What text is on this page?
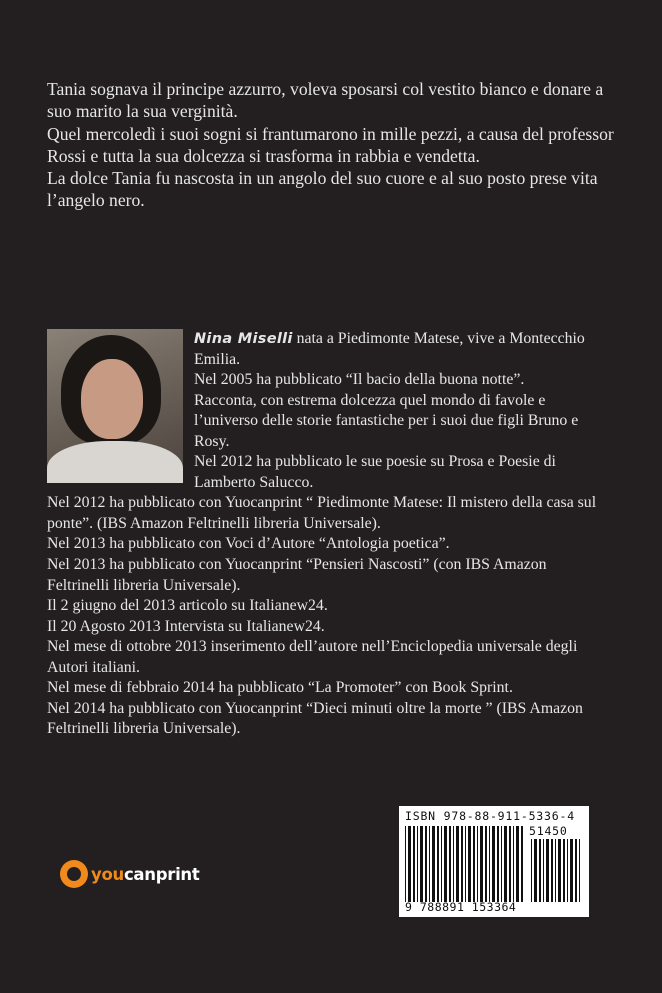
Tania sognava il principe azzurro, voleva sposarsi col vestito bianco e donare a suo marito la sua verginità.

Quel mercoledì i suoi sogni si frantumarono in mille pezzi, a causa del professor Rossi e tutta la sua dolcezza si trasforma in rabbia e vendetta.

La dolce Tania fu nascosta in un angolo del suo cuore e al suo posto prese vita l’angelo nero.

Nina Miselli nata a Piedimonte Matese, vive a Montecchio Emilia.

Nel 2005 ha pubblicato “Il bacio della buona notte”.

Racconta, con estrema dolcezza quel mondo di favole e l’universo delle storie fantastiche per i suoi due figli Bruno e Rosy.

Nel 2012 ha pubblicato le sue poesie su Prosa e Poesie di Lamberto Salucco.

Nel 2012 ha pubblicato con Yuocanprint “ Piedimonte Matese: Il mistero della casa sul ponte”. (IBS Amazon Feltrinelli libreria Universale).

Nel 2013 ha pubblicato con Voci d’Autore “Antologia poetica”.

Nel 2013 ha pubblicato con Yuocanprint “Pensieri Nascosti” (con IBS Amazon Feltrinelli libreria Universale).

Il 2 giugno del 2013 articolo su Italianew24.

Il 20 Agosto 2013 Intervista su Italianew24.

Nel mese di ottobre 2013 inserimento dell’autore nell’Enciclopedia universale degli Autori italiani.

Nel mese di febbraio 2014 ha pubblicato “La Promoter” con Book Sprint.

Nel 2014 ha pubblicato con Yuocanprint “Dieci minuti oltre la morte ” (IBS Amazon Feltrinelli libreria Universale).

youcanprint
ISBN 978-88-911-5336-4
51450
9 788891 153364
